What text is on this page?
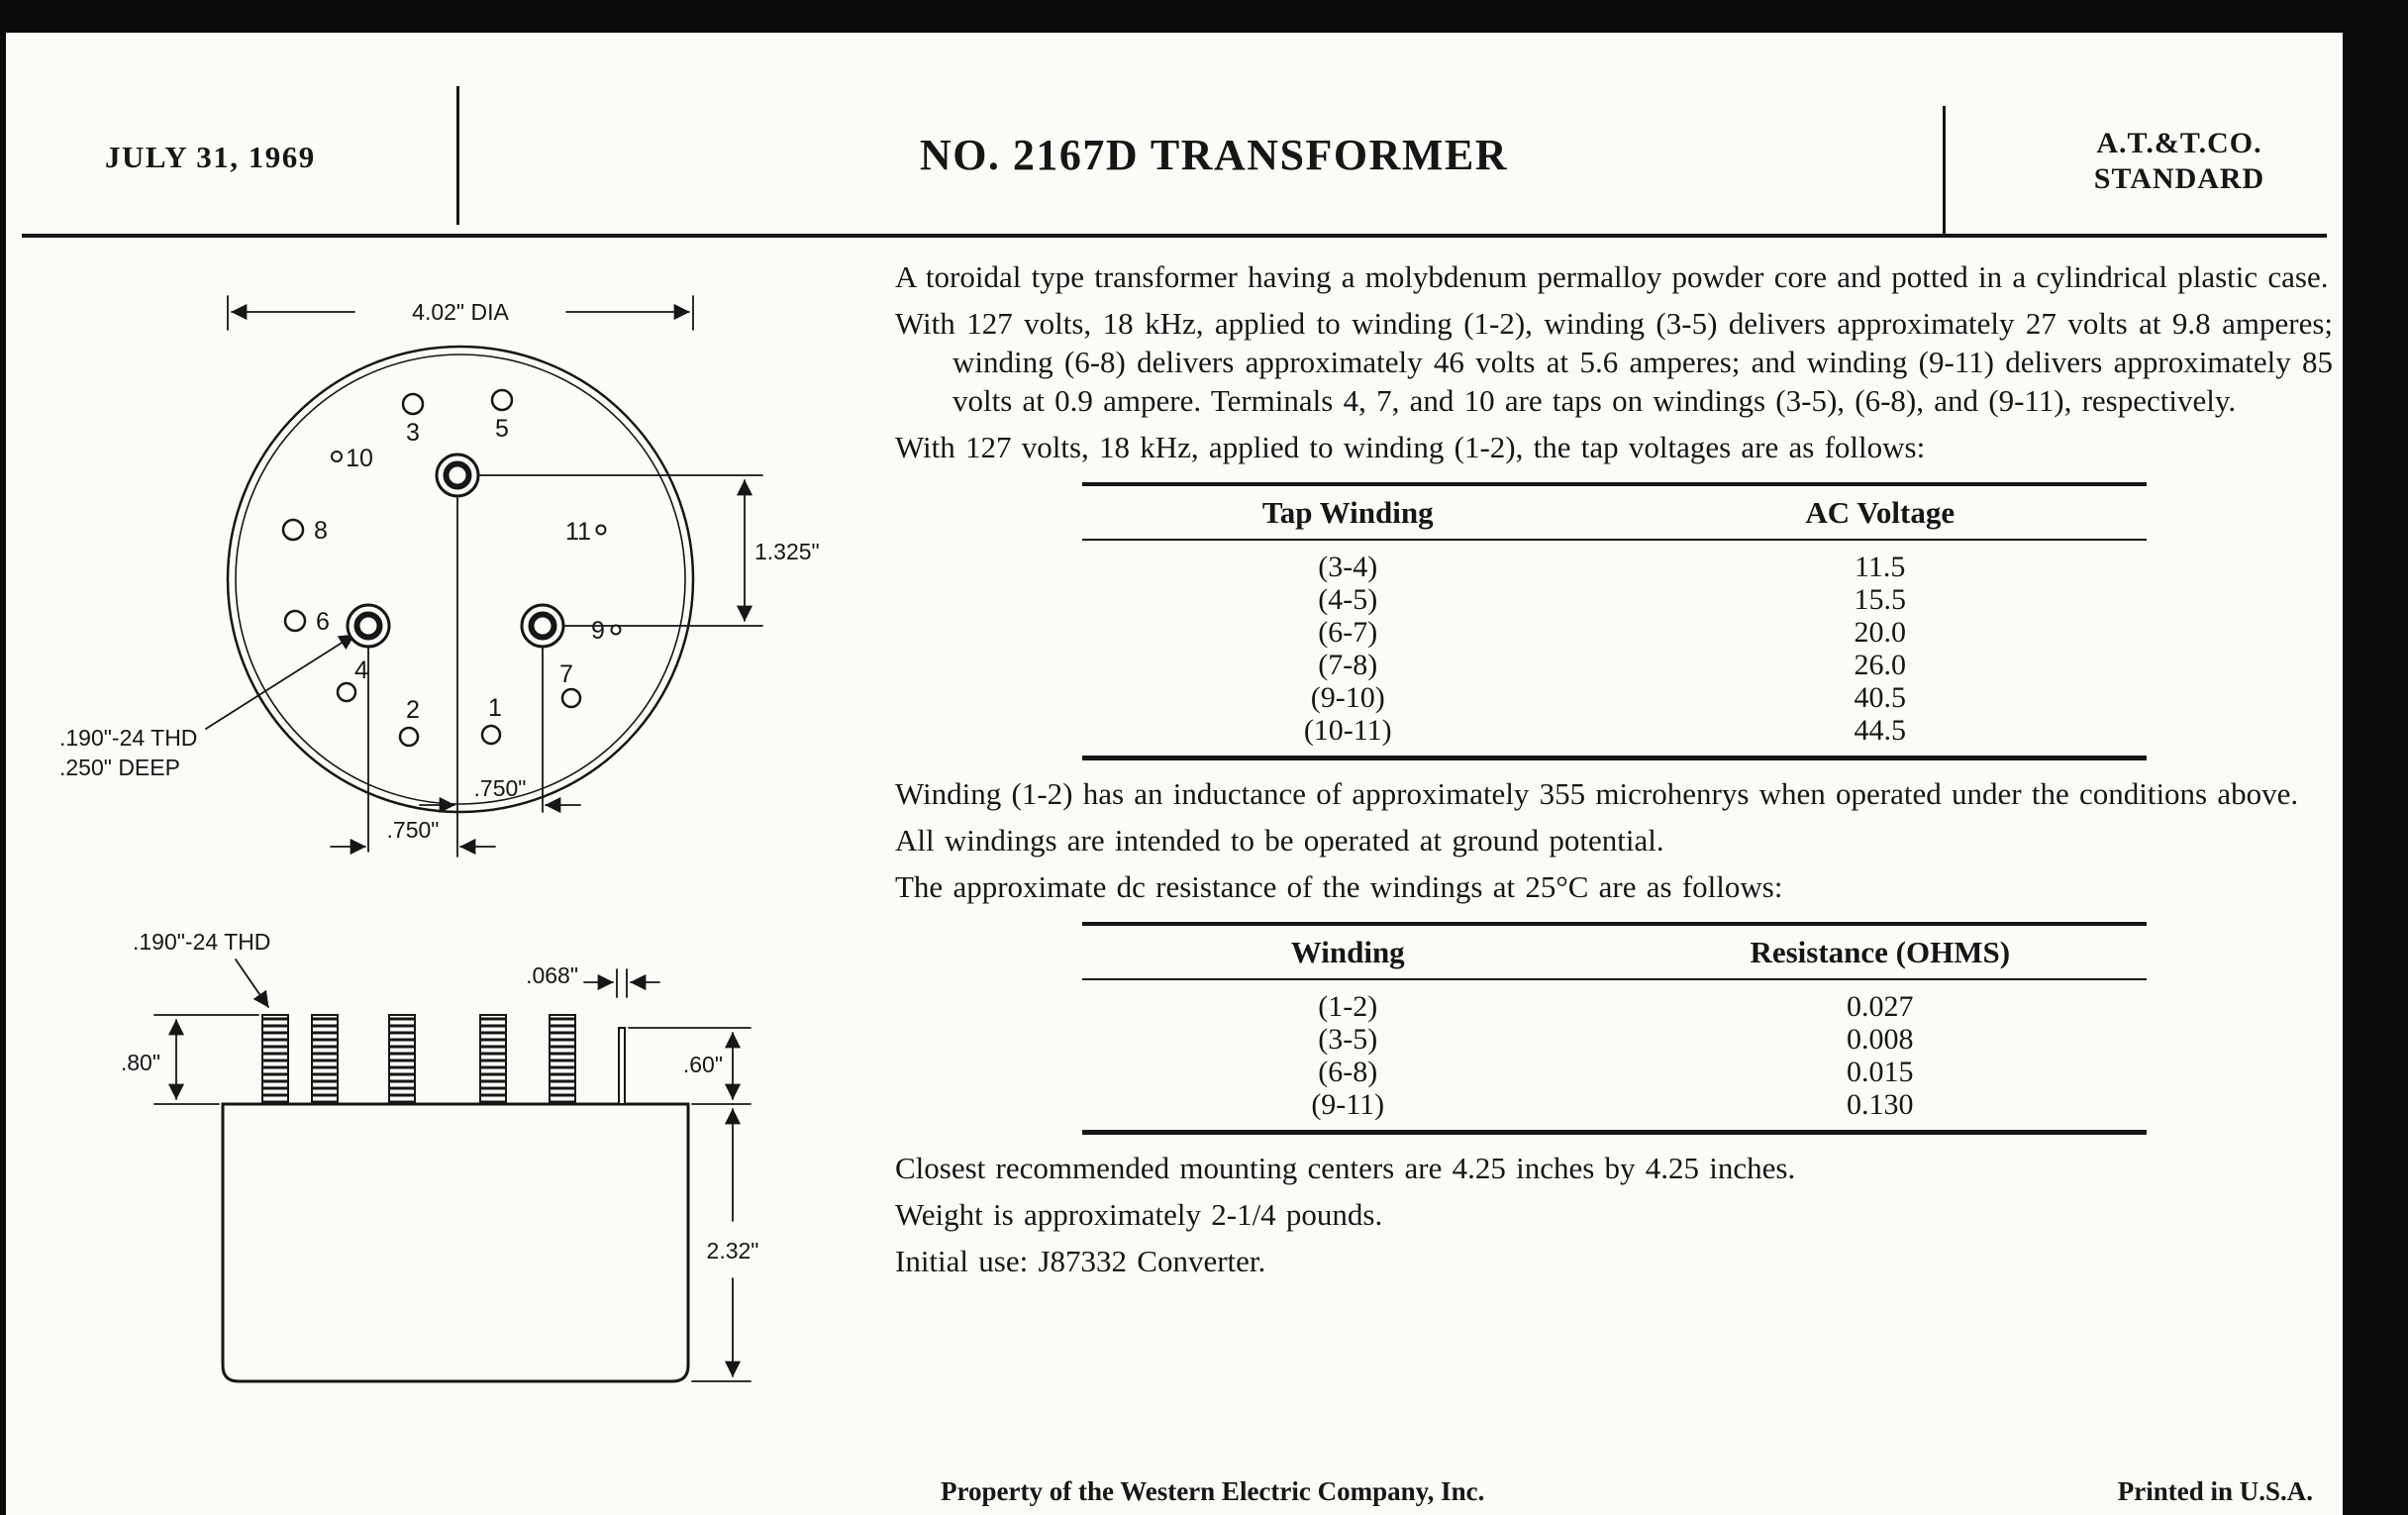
JULY 31, 1969	NO. 2167D TRANSFORMER	A.T.&T.CO.
STANDARD
4.02" DIA
1.325"
.190"-24 THD
.250" DEEP
.750"
.750"
3	5
10
8	11
6
4
2	1
7
9
.190"-24 THD
.068"
.80"	.60"
2.32"

A toroidal type transformer having a molybdenum permalloy powder core and potted in a cylindrical plastic case.

With 127 volts, 18 kHz, applied to winding (1-2), winding (3-5) delivers approximately 27 volts at 9.8 amperes; winding (6-8) delivers approximately 46 volts at 5.6 amperes; and winding (9-11) delivers approximately 85 volts at 0.9 ampere. Terminals 4, 7, and 10 are taps on windings (3-5), (6-8), and (9-11), respectively.

With 127 volts, 18 kHz, applied to winding (1-2), the tap voltages are as follows:

Tap Winding	AC Voltage
(3-4)	11.5
(4-5)	15.5
(6-7)	20.0
(7-8)	26.0
(9-10)	40.5
(10-11)	44.5

Winding (1-2) has an inductance of approximately 355 microhenrys when operated under the conditions above.

All windings are intended to be operated at ground potential.

The approximate dc resistance of the windings at 25°C are as follows:

Winding	Resistance (OHMS)
(1-2)	0.027
(3-5)	0.008
(6-8)	0.015
(9-11)	0.130

Closest recommended mounting centers are 4.25 inches by 4.25 inches.

Weight is approximately 2-1/4 pounds.

Initial use: J87332 Converter.

Property of the Western Electric Company, Inc.	Printed in U.S.A.
